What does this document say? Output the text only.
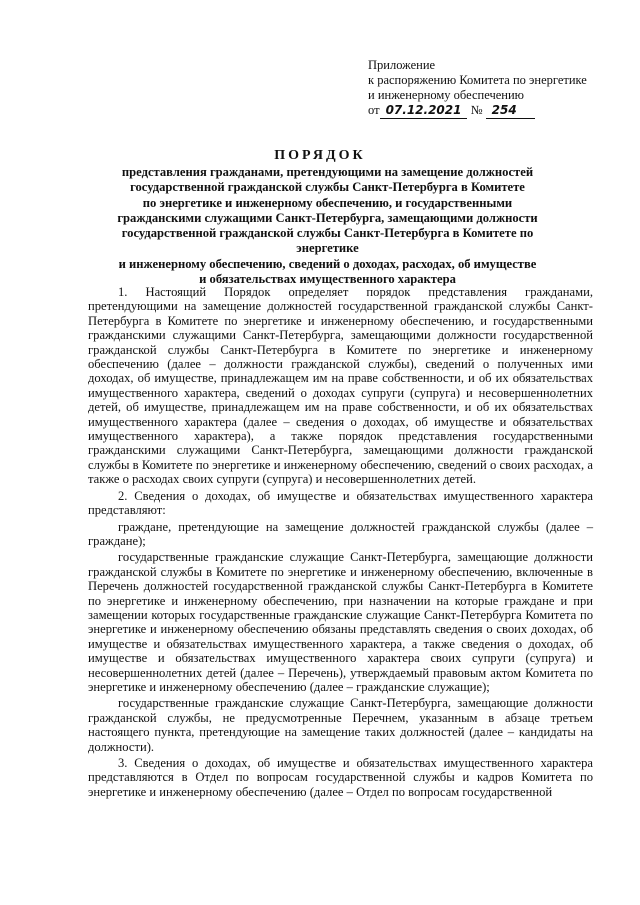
Приложение
к распоряжению Комитета по энергетике
и инженерному обеспечению
от 07.12.2021 № 254
ПОРЯДОК
представления гражданами, претендующими на замещение должностей
государственной гражданской службы Санкт-Петербурга в Комитете
по энергетике и инженерному обеспечению, и государственными
гражданскими служащими Санкт-Петербурга, замещающими должности
государственной гражданской службы Санкт-Петербурга в Комитете по энергетике
и инженерному обеспечению, сведений о доходах, расходах, об имуществе
и обязательствах имущественного характера

1. Настоящий Порядок определяет порядок представления гражданами, претендующими на замещение должностей государственной гражданской службы Санкт-Петербурга в Комитете по энергетике и инженерному обеспечению, и государственными гражданскими служащими Санкт-Петербурга, замещающими должности государственной гражданской службы Санкт-Петербурга в Комитете по энергетике и инженерному обеспечению (далее – должности гражданской службы), сведений о полученных ими доходах, об имуществе, принадлежащем им на праве собственности, и об их обязательствах имущественного характера, сведений о доходах супруги (супруга) и несовершеннолетних детей, об имуществе, принадлежащем им на праве собственности, и об их обязательствах имущественного характера (далее – сведения о доходах, об имуществе и обязательствах имущественного характера), а также порядок представления государственными гражданскими служащими Санкт-Петербурга, замещающими должности гражданской службы в Комитете по энергетике и инженерному обеспечению, сведений о своих расходах, а также о расходах своих супруги (супруга) и несовершеннолетних детей.

2. Сведения о доходах, об имуществе и обязательствах имущественного характера представляют:

граждане, претендующие на замещение должностей гражданской службы (далее – граждане);

государственные гражданские служащие Санкт-Петербурга, замещающие должности гражданской службы в Комитете по энергетике и инженерному обеспечению, включенные в Перечень должностей государственной гражданской службы Санкт-Петербурга в Комитете по энергетике и инженерному обеспечению, при назначении на которые граждане и при замещении которых государственные гражданские служащие Санкт-Петербурга Комитета по энергетике и инженерному обеспечению обязаны представлять сведения о своих доходах, об имуществе и обязательствах имущественного характера, а также сведения о доходах, об имуществе и обязательствах имущественного характера своих супруги (супруга) и несовершеннолетних детей (далее – Перечень), утверждаемый правовым актом Комитета по энергетике и инженерному обеспечению (далее – гражданские служащие);

государственные гражданские служащие Санкт-Петербурга, замещающие должности гражданской службы, не предусмотренные Перечнем, указанным в абзаце третьем настоящего пункта, претендующие на замещение таких должностей (далее – кандидаты на должности).

3. Сведения о доходах, об имуществе и обязательствах имущественного характера представляются в Отдел по вопросам государственной службы и кадров Комитета по энергетике и инженерному обеспечению (далее – Отдел по вопросам государственной
